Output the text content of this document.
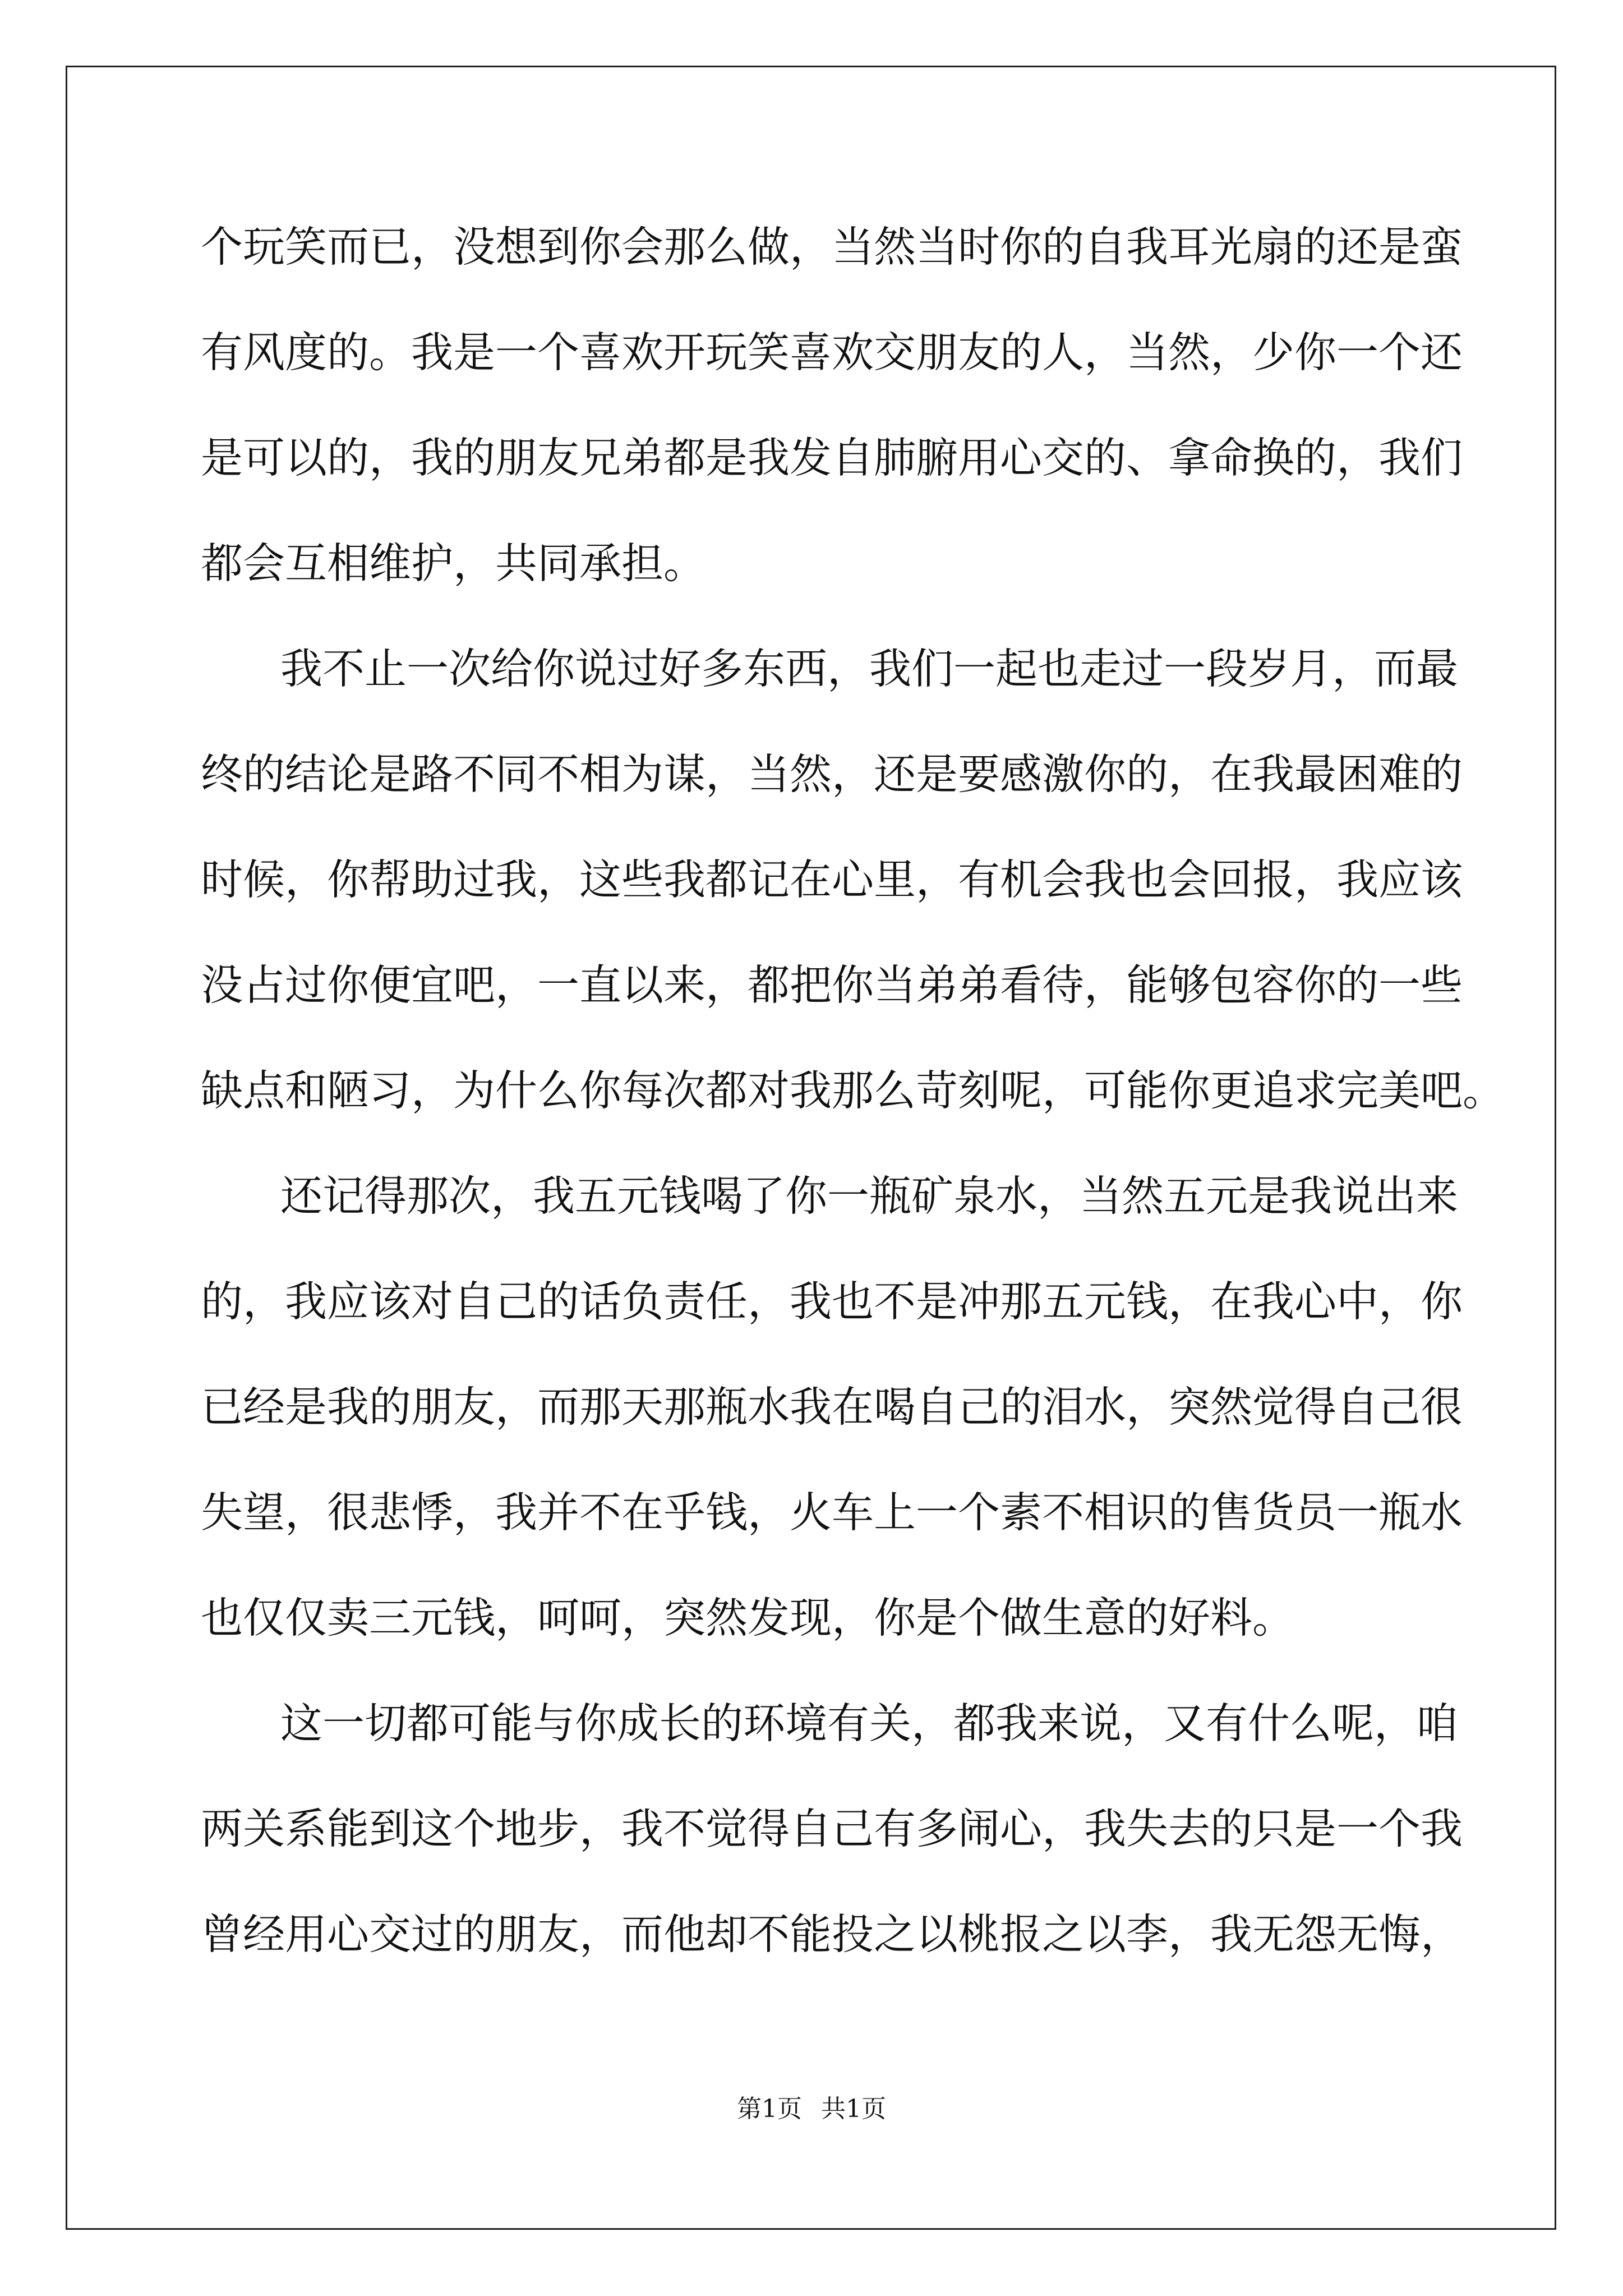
个玩笑而已，没想到你会那么做，当然当时你的自我耳光扇的还是蛮
有风度的。我是一个喜欢开玩笑喜欢交朋友的人，当然，少你一个还
是可以的，我的朋友兄弟都是我发自肺腑用心交的、拿命换的，我们
都会互相维护，共同承担。
我不止一次给你说过好多东西，我们一起也走过一段岁月，而最
终的结论是路不同不相为谋，当然，还是要感激你的，在我最困难的
时候，你帮助过我，这些我都记在心里，有机会我也会回报，我应该
没占过你便宜吧，一直以来，都把你当弟弟看待，能够包容你的一些
缺点和陋习，为什么你每次都对我那么苛刻呢，可能你更追求完美吧。
还记得那次，我五元钱喝了你一瓶矿泉水，当然五元是我说出来
的，我应该对自己的话负责任，我也不是冲那五元钱，在我心中，你
已经是我的朋友，而那天那瓶水我在喝自己的泪水，突然觉得自己很
失望，很悲悸，我并不在乎钱，火车上一个素不相识的售货员一瓶水
也仅仅卖三元钱，呵呵，突然发现，你是个做生意的好料。
这一切都可能与你成长的环境有关，都我来说，又有什么呢，咱
两关系能到这个地步，我不觉得自己有多闹心，我失去的只是一个我
曾经用心交过的朋友，而他却不能投之以桃报之以李，我无怨无悔，
第1页 共1页
